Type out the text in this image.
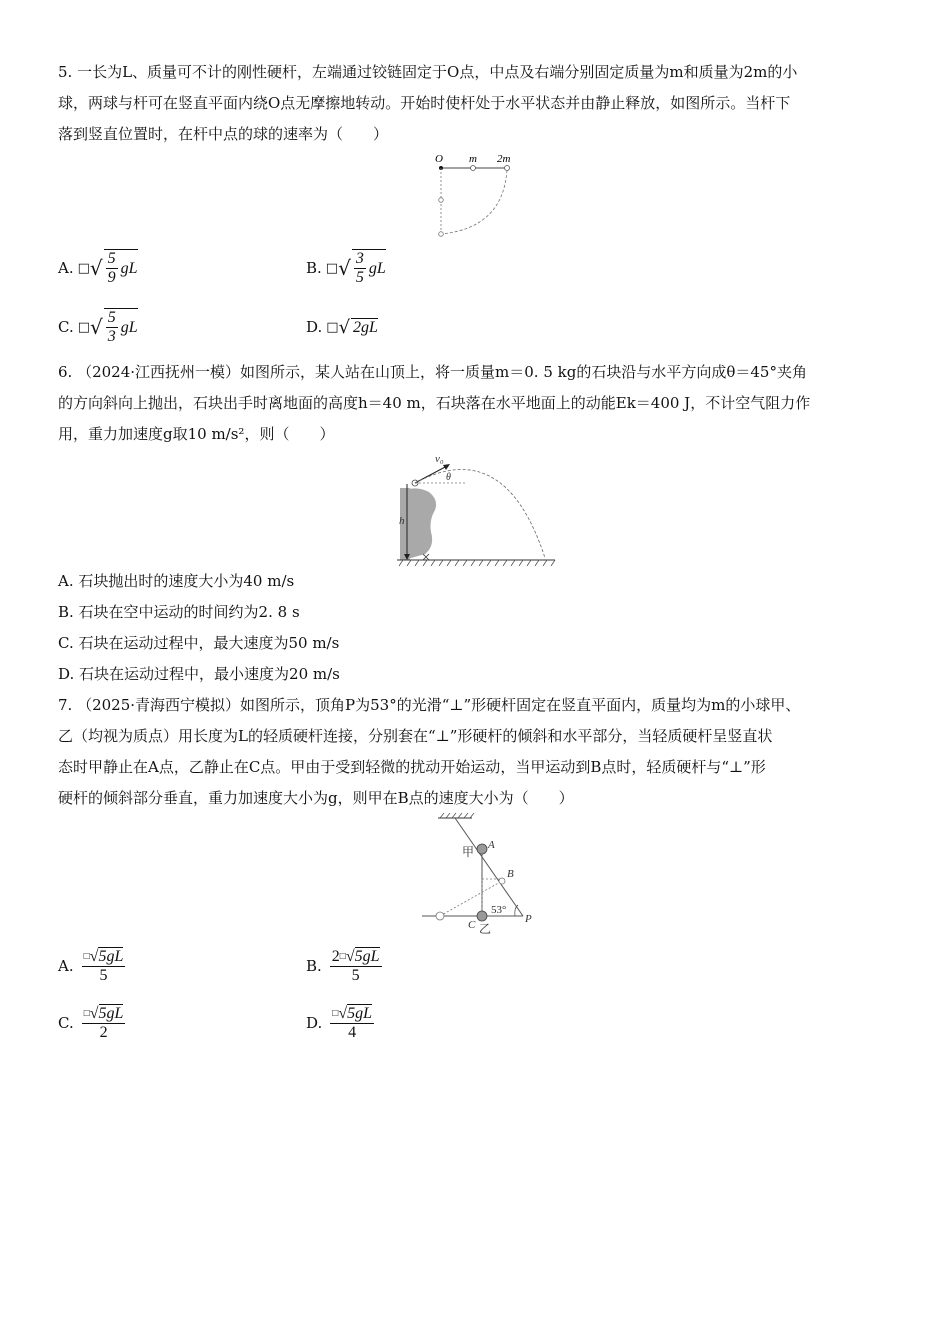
5. 一长为L、质量可不计的刚性硬杆，左端通过铰链固定于O点，中点及右端分别固定质量为m和质量为2m的小
球，两球与杆可在竖直平面内绕O点无摩擦地转动。开始时使杆处于水平状态并由静止释放，如图所示。当杆下
落到竖直位置时，在杆中点的球的速率为（　　）
O m 2m
A. □ √ $\frac{5}{9}$ gL	B. □ √ $\frac{3}{5}$ gL
C. □ √ $\frac{5}{3}$ gL	D. □ √ 2gL
6. （2024·江西抚州一模）如图所示，某人站在山顶上，将一质量m＝0. 5 kg的石块沿与水平方向成θ＝45°夹角
的方向斜向上抛出，石块出手时离地面的高度h＝40 m，石块落在水平地面上的动能Ek＝400 J，不计空气阻力作
用，重力加速度g取10 m/s²，则（　　）
h
v₀
θ
A. 石块抛出时的速度大小为40 m/s
B. 石块在空中运动的时间约为2. 8 s
C. 石块在运动过程中，最大速度为50 m/s
D. 石块在运动过程中，最小速度为20 m/s
7. （2025·青海西宁模拟）如图所示，顶角P为53°的光滑“⊥”形硬杆固定在竖直平面内，质量均为m的小球甲、
乙（均视为质点）用长度为L的轻质硬杆连接，分别套在“⊥”形硬杆的倾斜和水平部分，当轻质硬杆呈竖直状
态时甲静止在A点，乙静止在C点。甲由于受到轻微的扰动开始运动，当甲运动到B点时，轻质硬杆与“⊥”形
硬杆的倾斜部分垂直，重力加速度大小为g，则甲在B点的速度大小为（　　）
甲 A
B
C 乙
P
53°
A. $\frac{□ √ 5gL}{5}$	B. $\frac{2 □ √ 5gL}{5}$
C. $\frac{□ √ 5gL}{2}$	D. $\frac{□ √ 5gL}{4}$
